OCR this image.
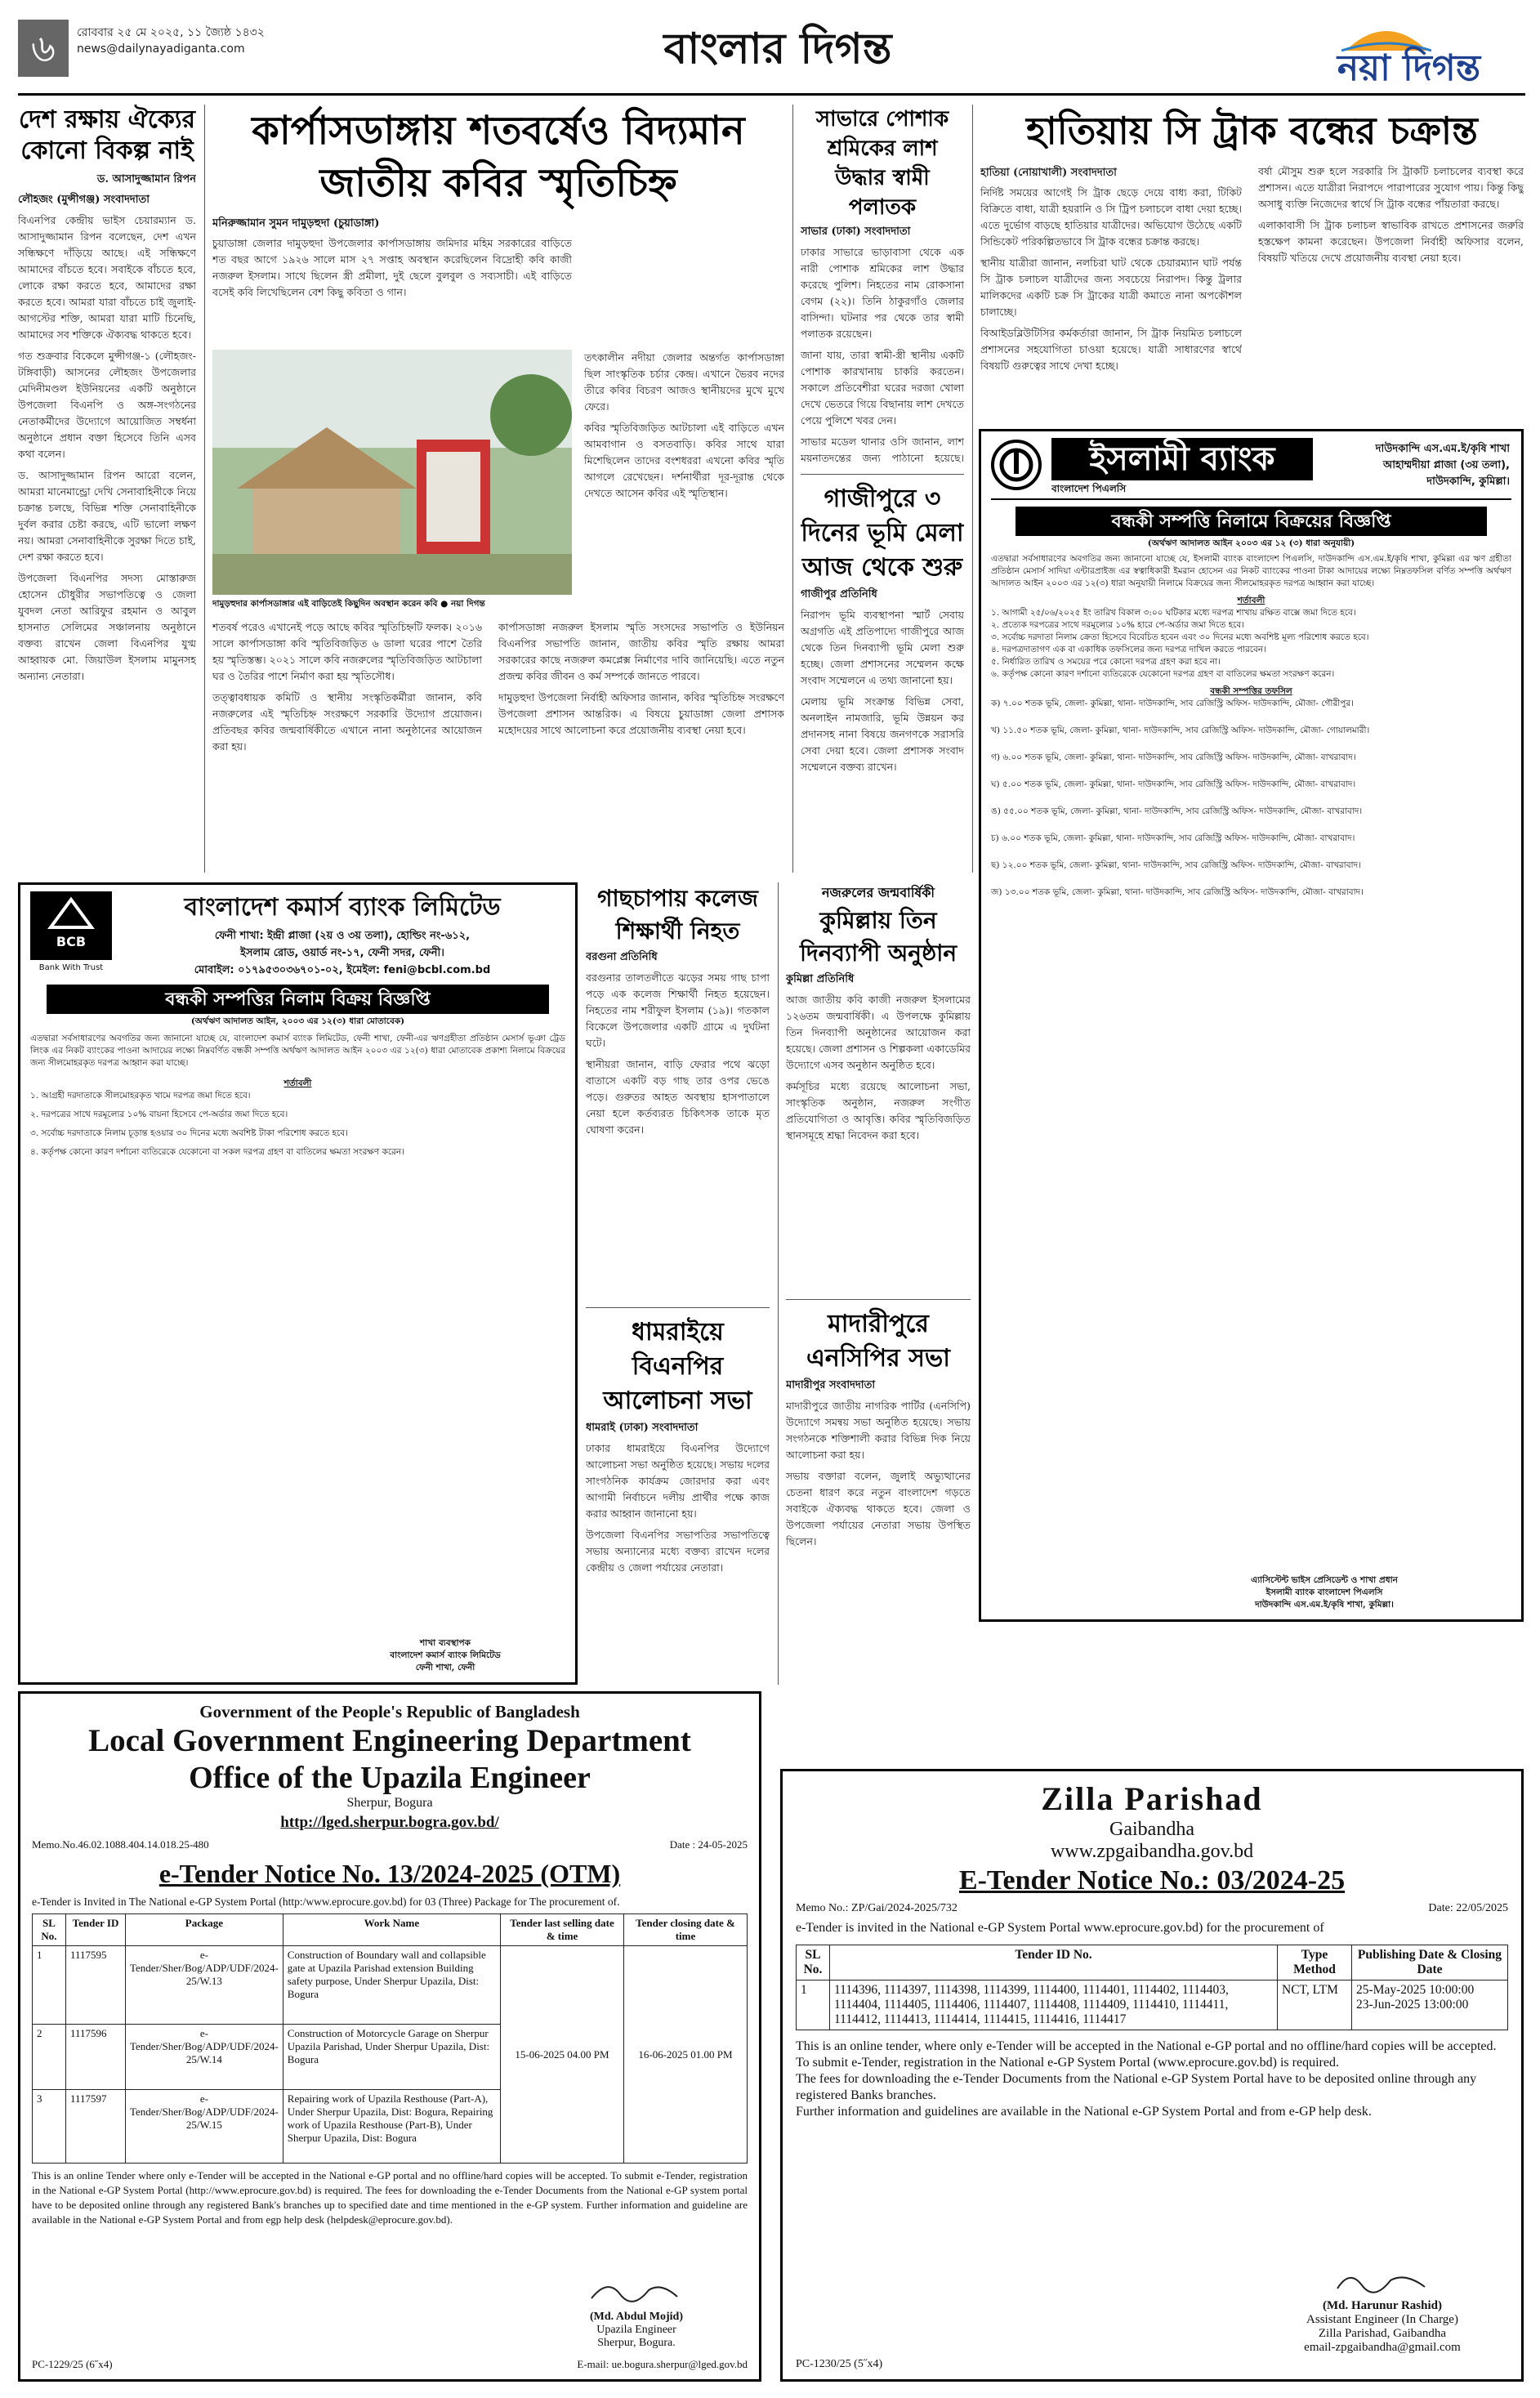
৬	রোববার ২৫ মে ২০২৫, ১১ জ্যৈষ্ঠ ১৪৩২
news@dailynayadiganta.com	বাংলার দিগন্ত	নয়া দিগন্ত
দেশ রক্ষায় ঐক্যের কোনো বিকল্প নাই
ড. আসাদুজ্জামান রিপন
লৌহজং (মুন্সীগঞ্জ) সংবাদদাতা

বিএনপির কেন্দ্রীয় ভাইস চেয়ারম্যান ড. আসাদুজ্জামান রিপন বলেছেন, দেশ এখন সন্ধিক্ষণে দাঁড়িয়ে আছে। এই সন্ধিক্ষণে আমাদের বাঁচতে হবে। সবাইকে বাঁচতে হবে, লোকে রক্ষা করতে হবে, আমাদের রক্ষা করতে হবে। আমরা যারা বাঁচতে চাই জুলাই-আগস্টের শক্তি, আমরা যারা মাটি চিনেছি, আমাদের সব শক্তিকে ঐক্যবদ্ধ থাকতে হবে।

গত শুক্রবার বিকেলে মুন্সীগঞ্জ-১ (লৌহজং-টঙ্গিবাড়ী) আসনের লৌহজং উপজেলার মেদিনীমণ্ডল ইউনিয়নের একটি অনুষ্ঠানে উপজেলা বিএনপি ও অঙ্গ-সংগঠনের নেতাকর্মীদের উদ্যোগে আয়োজিত সম্বর্ধনা অনুষ্ঠানে প্রধান বক্তা হিসেবে তিনি এসব কথা বলেন।

ড. আসাদুজ্জামান রিপন আরো বলেন, আমরা মানেমান্ড্রো দেখি সেনাবাহিনীকে নিয়ে চক্রান্ত চলছে, বিভিন্ন শক্তি সেনাবাহিনীকে দুর্বল করার চেষ্টা করছে, এটি ভালো লক্ষণ নয়। আমরা সেনাবাহিনীকে সুরক্ষা দিতে চাই, দেশ রক্ষা করতে হবে।

উপজেলা বিএনপির সদস্য মোস্তারুজ হোসেন চৌধুরীর সভাপতিত্বে ও জেলা যুবদল নেতা আরিফুর রহমান ও আবুল হাসনাত সেলিমের সঞ্চালনায় অনুষ্ঠানে বক্তব্য রাখেন জেলা বিএনপির যুগ্ম আহ্বায়ক মো. জিয়াউল ইসলাম মামুনসহ অন্যান্য নেতারা।

কার্পাসডাঙ্গায় শতবর্ষেও বিদ্যমান জাতীয় কবির স্মৃতিচিহ্ন
মনিরুজ্জামান সুমন দামুড়হুদা (চুয়াডাঙ্গা)
দামুড়হুদার কার্পাসডাঙ্গার এই বাড়িতেই কিছুদিন অবস্থান করেন কবি ● নয়া দিগন্ত

চুয়াডাঙ্গা জেলার দামুড়হুদা উপজেলার কার্পাসডাঙ্গায় জমিদার মহিম সরকারের বাড়িতে শত বছর আগে ১৯২৬ সালে মাস ২৭ সপ্তাহ অবস্থান করেছিলেন বিদ্রোহী কবি কাজী নজরুল ইসলাম। সাথে ছিলেন স্ত্রী প্রমীলা, দুই ছেলে বুলবুল ও সব্যসাচী। এই বাড়িতে বসেই কবি লিখেছিলেন বেশ কিছু কবিতা ও গান।

শতবর্ষ পরেও এখানেই পড়ে আছে কবির স্মৃতিচিহ্নটি ফলক। ২০১৬ সালে কার্পাসডাঙ্গা কবি স্মৃতিবিজড়িত ৬ ডালা ঘরের পাশে তৈরি হয় স্মৃতিস্তম্ভ। ২০২১ সালে কবি নজরুলের স্মৃতিবিজড়িত আটচালা ঘর ও তৈরির পাশে নির্মাণ করা হয় স্মৃতিসৌধ।

তত্ত্বাবধায়ক কমিটি ও স্থানীয় সংস্কৃতিকর্মীরা জানান, কবি নজরুলের এই স্মৃতিচিহ্ন সংরক্ষণে সরকারি উদ্যোগ প্রয়োজন। প্রতিবছর কবির জন্মবার্ষিকীতে এখানে নানা অনুষ্ঠানের আয়োজন করা হয়।

কার্পাসডাঙ্গা নজরুল ইসলাম স্মৃতি সংসদের সভাপতি ও ইউনিয়ন বিএনপির সভাপতি জানান, জাতীয় কবির স্মৃতি রক্ষায় আমরা সরকারের কাছে নজরুল কমপ্লেক্স নির্মাণের দাবি জানিয়েছি। এতে নতুন প্রজন্ম কবির জীবন ও কর্ম সম্পর্কে জানতে পারবে।

দামুড়হুদা উপজেলা নির্বাহী অফিসার জানান, কবির স্মৃতিচিহ্ন সংরক্ষণে উপজেলা প্রশাসন আন্তরিক। এ বিষয়ে চুয়াডাঙ্গা জেলা প্রশাসক মহোদয়ের সাথে আলোচনা করে প্রয়োজনীয় ব্যবস্থা নেয়া হবে।

তৎকালীন নদীয়া জেলার অন্তর্গত কার্পাসডাঙ্গা ছিল সাংস্কৃতিক চর্চার কেন্দ্র। এখানে ভৈরব নদের তীরে কবির বিচরণ আজও স্থানীয়দের মুখে মুখে ফেরে।

কবির স্মৃতিবিজড়িত আটচালা এই বাড়িতে এখন আমবাগান ও বসতবাড়ি। কবির সাথে যারা মিশেছিলেন তাদের বংশধররা এখনো কবির স্মৃতি আগলে রেখেছেন। দর্শনার্থীরা দূর-দূরান্ত থেকে দেখতে আসেন কবির এই স্মৃতিস্থান।

সাভারে পোশাক শ্রমিকের লাশ উদ্ধার স্বামী পলাতক
সাভার (ঢাকা) সংবাদদাতা

ঢাকার সাভারে ভাড়াবাসা থেকে এক নারী পোশাক শ্রমিকের লাশ উদ্ধার করেছে পুলিশ। নিহতের নাম রোকসানা বেগম (২২)। তিনি ঠাকুরগাঁও জেলার বাসিন্দা। ঘটনার পর থেকে তার স্বামী পলাতক রয়েছেন।

জানা যায়, তারা স্বামী-স্ত্রী স্থানীয় একটি পোশাক কারখানায় চাকরি করতেন। সকালে প্রতিবেশীরা ঘরের দরজা খোলা দেখে ভেতরে গিয়ে বিছানায় লাশ দেখতে পেয়ে পুলিশে খবর দেন।

সাভার মডেল থানার ওসি জানান, লাশ ময়নাতদন্তের জন্য পাঠানো হয়েছে।

গাজীপুরে ৩ দিনের ভূমি মেলা আজ থেকে শুরু
গাজীপুর প্রতিনিধি

নিরাপদ ভূমি ব্যবস্থাপনা স্মার্ট সেবায় অগ্রগতি এই প্রতিপাদ্যে গাজীপুরে আজ থেকে তিন দিনব্যাপী ভূমি মেলা শুরু হচ্ছে। জেলা প্রশাসনের সম্মেলন কক্ষে সংবাদ সম্মেলনে এ তথ্য জানানো হয়।

মেলায় ভূমি সংক্রান্ত বিভিন্ন সেবা, অনলাইন নামজারি, ভূমি উন্নয়ন কর প্রদানসহ নানা বিষয়ে জনগণকে সরাসরি সেবা দেয়া হবে। জেলা প্রশাসক সংবাদ সম্মেলনে বক্তব্য রাখেন।

হাতিয়ায় সি ট্রাক বন্ধের চক্রান্ত
হাতিয়া (নোয়াখালী) সংবাদদাতা

নির্দিষ্ট সময়ের আগেই সি ট্রাক ছেড়ে দেয়ে বাধ্য করা, টিকিট বিক্রিতে বাধা, যাত্রী হয়রানি ও সি ট্রিপ চলাচলে বাধা দেয়া হচ্ছে। এতে দুর্ভোগ বাড়ছে হাতিয়ার যাত্রীদের। অভিযোগ উঠেছে একটি সিন্ডিকেট পরিকল্পিতভাবে সি ট্রাক বন্ধের চক্রান্ত করছে।

স্থানীয় যাত্রীরা জানান, নলচিরা ঘাট থেকে চেয়ারম্যান ঘাট পর্যন্ত সি ট্রাক চলাচল যাত্রীদের জন্য সবচেয়ে নিরাপদ। কিন্তু ট্রলার মালিকদের একটি চক্র সি ট্রাকের যাত্রী কমাতে নানা অপকৌশল চালাচ্ছে।

বিআইডব্লিউটিসির কর্মকর্তারা জানান, সি ট্রাক নিয়মিত চলাচলে প্রশাসনের সহযোগিতা চাওয়া হয়েছে। যাত্রী সাধারণের স্বার্থে বিষয়টি গুরুত্বের সাথে দেখা হচ্ছে।

বর্ষা মৌসুম শুরু হলে সরকারি সি ট্রাকটি চলাচলের ব্যবস্থা করে প্রশাসন। এতে যাত্রীরা নিরাপদে পারাপারের সুযোগ পায়। কিন্তু কিছু অসাধু ব্যক্তি নিজেদের স্বার্থে সি ট্রাক বন্ধের পাঁয়তারা করছে।

এলাকাবাসী সি ট্রাক চলাচল স্বাভাবিক রাখতে প্রশাসনের জরুরি হস্তক্ষেপ কামনা করেছেন। উপজেলা নির্বাহী অফিসার বলেন, বিষয়টি খতিয়ে দেখে প্রয়োজনীয় ব্যবস্থা নেয়া হবে।

ইসলামী ব্যাংক
বাংলাদেশ পিএলসি
দাউদকান্দি এস.এম.ই/কৃষি শাখা
আহাম্মদীয়া প্লাজা (৩য় তলা),
দাউদকান্দি, কুমিল্লা।
বন্ধকী সম্পত্তি নিলামে বিক্রয়ের বিজ্ঞপ্তি
(অর্থঋণ আদালত আইন ২০০৩ এর ১২ (৩) ধারা অনুযায়ী)
এতদ্বারা সর্বসাধারণের অবগতির জন্য জানানো যাচ্ছে যে, ইসলামী ব্যাংক বাংলাদেশ পিএলসি, দাউদকান্দি এস.এম.ই/কৃষি শাখা, কুমিল্লা এর ঋণ গ্রহীতা প্রতিষ্ঠান মেসার্স সাদিয়া এন্টারপ্রাইজ এর স্বত্বাধিকারী ইমরান হোসেন এর নিকট ব্যাংকের পাওনা টাকা আদায়ের লক্ষ্যে নিম্নতফসিল বর্ণিত সম্পত্তি অর্থঋণ আদালত আইন ২০০৩ এর ১২(৩) ধারা অনুযায়ী নিলামে বিক্রয়ের জন্য সীলমোহরকৃত দরপত্র আহ্বান করা যাচ্ছে।
শর্তাবলী
১. আগামী ২৫/০৬/২০২৫ ইং তারিখ বিকাল ৩:০০ ঘটিকার মধ্যে দরপত্র শাখায় রক্ষিত বাক্সে জমা দিতে হবে।
২. প্রত্যেক দরপত্রের সাথে দরমূল্যের ১০% হারে পে-অর্ডার জমা দিতে হবে।
৩. সর্বোচ্চ দরদাতা নিলাম ক্রেতা হিসেবে বিবেচিত হবেন এবং ৩০ দিনের মধ্যে অবশিষ্ট মূল্য পরিশোধ করতে হবে।
৪. দরপত্রদাতাগণ এক বা একাধিক তফসিলের জন্য দরপত্র দাখিল করতে পারবেন।
৫. নির্ধারিত তারিখ ও সময়ের পরে কোনো দরপত্র গ্রহণ করা হবে না।
৬. কর্তৃপক্ষ কোনো কারণ দর্শানো ব্যতিরেকে যেকোনো দরপত্র গ্রহণ বা বাতিলের ক্ষমতা সংরক্ষণ করেন।
বন্ধকী সম্পত্তির তফসিল
ক) ৭.০০ শতক ভূমি, জেলা- কুমিল্লা, থানা- দাউদকান্দি, সাব রেজিস্ট্রি অফিস- দাউদকান্দি, মৌজা- গৌরীপুর।
খ) ১১.৫০ শতক ভূমি, জেলা- কুমিল্লা, থানা- দাউদকান্দি, সাব রেজিস্ট্রি অফিস- দাউদকান্দি, মৌজা- গোয়ালমারী।
গ) ৬.০০ শতক ভূমি, জেলা- কুমিল্লা, থানা- দাউদকান্দি, সাব রেজিস্ট্রি অফিস- দাউদকান্দি, মৌজা- বাখরাবাদ।
ঘ) ৫.০০ শতক ভূমি, জেলা- কুমিল্লা, থানা- দাউদকান্দি, সাব রেজিস্ট্রি অফিস- দাউদকান্দি, মৌজা- বাখরাবাদ।
ঙ) ৫৫.০০ শতক ভূমি, জেলা- কুমিল্লা, থানা- দাউদকান্দি, সাব রেজিস্ট্রি অফিস- দাউদকান্দি, মৌজা- বাখরাবাদ।
চ) ৬.০০ শতক ভূমি, জেলা- কুমিল্লা, থানা- দাউদকান্দি, সাব রেজিস্ট্রি অফিস- দাউদকান্দি, মৌজা- বাখরাবাদ।
ছ) ১২.০০ শতক ভূমি, জেলা- কুমিল্লা, থানা- দাউদকান্দি, সাব রেজিস্ট্রি অফিস- দাউদকান্দি, মৌজা- বাখরাবাদ।
জ) ১৩.০০ শতক ভূমি, জেলা- কুমিল্লা, থানা- দাউদকান্দি, সাব রেজিস্ট্রি অফিস- দাউদকান্দি, মৌজা- বাখরাবাদ।
এ্যাসিস্টেন্ট ভাইস প্রেসিডেন্ট ও শাখা প্রধান
ইসলামী ব্যাংক বাংলাদেশ পিএলসি
দাউদকান্দি এস.এম.ই/কৃষি শাখা, কুমিল্লা।
BCB
Bank With Trust
বাংলাদেশ কমার্স ব্যাংক লিমিটেড
ফেনী শাখা: ইন্দ্রী প্লাজা (২য় ও ৩য় তলা), হোল্ডিং নং-৬১২,
ইসলাম রোড, ওয়ার্ড নং-১৭, ফেনী সদর, ফেনী।
মোবাইল: ০১৭৯৫৩০৩৬৭০১-০২, ইমেইল: feni@bcbl.com.bd
বন্ধকী সম্পত্তির নিলাম বিক্রয় বিজ্ঞপ্তি
(অর্থঋণ আদালত আইন, ২০০৩ এর ১২(৩) ধারা মোতাবেক)
এতদ্বারা সর্বসাধারণের অবগতির জন্য জানানো যাচ্ছে যে, বাংলাদেশ কমার্স ব্যাংক লিমিটেড, ফেনী শাখা, ফেনী-এর ঋণগ্রহীতা প্রতিষ্ঠান মেসার্স ভূঞা ট্রেড লিংক এর নিকট ব্যাংকের পাওনা আদায়ের লক্ষ্যে নিম্নবর্ণিত বন্ধকী সম্পত্তি অর্থঋণ আদালত আইন ২০০৩ এর ১২(৩) ধারা মোতাবেক প্রকাশ্য নিলামে বিক্রয়ের জন্য সীলমোহরকৃত দরপত্র আহ্বান করা যাচ্ছে।
শর্তাবলী
১. আগ্রহী দরদাতাকে সীলমোহরকৃত খামে দরপত্র জমা দিতে হবে।
২. দরপত্রের সাথে দরমূল্যের ১০% বায়না হিসেবে পে-অর্ডার জমা দিতে হবে।
৩. সর্বোচ্চ দরদাতাকে নিলাম চূড়ান্ত হওয়ার ৩০ দিনের মধ্যে অবশিষ্ট টাকা পরিশোধ করতে হবে।
৪. কর্তৃপক্ষ কোনো কারণ দর্শানো ব্যতিরেকে যেকোনো বা সকল দরপত্র গ্রহণ বা বাতিলের ক্ষমতা সংরক্ষণ করেন।
শাখা ব্যবস্থাপক
বাংলাদেশ কমার্স ব্যাংক লিমিটেড
ফেনী শাখা, ফেনী
গাছচাপায় কলেজ শিক্ষার্থী নিহত
বরগুনা প্রতিনিধি

বরগুনার তালতলীতে ঝড়ের সময় গাছ চাপা পড়ে এক কলেজ শিক্ষার্থী নিহত হয়েছেন। নিহতের নাম শরীফুল ইসলাম (১৯)। গতকাল বিকেলে উপজেলার একটি গ্রামে এ দুর্ঘটনা ঘটে।

স্থানীয়রা জানান, বাড়ি ফেরার পথে ঝড়ো বাতাসে একটি বড় গাছ তার ওপর ভেঙে পড়ে। গুরুতর আহত অবস্থায় হাসপাতালে নেয়া হলে কর্তব্যরত চিকিৎসক তাকে মৃত ঘোষণা করেন।

ধামরাইয়ে বিএনপির আলোচনা সভা
ধামরাই (ঢাকা) সংবাদদাতা

ঢাকার ধামরাইয়ে বিএনপির উদ্যোগে আলোচনা সভা অনুষ্ঠিত হয়েছে। সভায় দলের সাংগঠনিক কার্যক্রম জোরদার করা এবং আগামী নির্বাচনে দলীয় প্রার্থীর পক্ষে কাজ করার আহ্বান জানানো হয়।

উপজেলা বিএনপির সভাপতির সভাপতিত্বে সভায় অন্যান্যের মধ্যে বক্তব্য রাখেন দলের কেন্দ্রীয় ও জেলা পর্যায়ের নেতারা।

নজরুলের জন্মবার্ষিকী
কুমিল্লায় তিন দিনব্যাপী অনুষ্ঠান
কুমিল্লা প্রতিনিধি

আজ জাতীয় কবি কাজী নজরুল ইসলামের ১২৬তম জন্মবার্ষিকী। এ উপলক্ষে কুমিল্লায় তিন দিনব্যাপী অনুষ্ঠানের আয়োজন করা হয়েছে। জেলা প্রশাসন ও শিল্পকলা একাডেমির উদ্যোগে এসব অনুষ্ঠান অনুষ্ঠিত হবে।

কর্মসূচির মধ্যে রয়েছে আলোচনা সভা, সাংস্কৃতিক অনুষ্ঠান, নজরুল সংগীত প্রতিযোগিতা ও আবৃত্তি। কবির স্মৃতিবিজড়িত স্থানসমূহে শ্রদ্ধা নিবেদন করা হবে।

মাদারীপুরে এনসিপির সভা
মাদারীপুর সংবাদদাতা

মাদারীপুরে জাতীয় নাগরিক পার্টির (এনসিপি) উদ্যোগে সমন্বয় সভা অনুষ্ঠিত হয়েছে। সভায় সংগঠনকে শক্তিশালী করার বিভিন্ন দিক নিয়ে আলোচনা করা হয়।

সভায় বক্তারা বলেন, জুলাই অভ্যুত্থানের চেতনা ধারণ করে নতুন বাংলাদেশ গড়তে সবাইকে ঐক্যবদ্ধ থাকতে হবে। জেলা ও উপজেলা পর্যায়ের নেতারা সভায় উপস্থিত ছিলেন।

Government of the People's Republic of Bangladesh
Local Government Engineering Department
Office of the Upazila Engineer
Sherpur, Bogura
http://lged.sherpur.bogra.gov.bd/
Memo.No.46.02.1088.404.14.018.25-480	Date : 24-05-2025
e-Tender Notice No. 13/2024-2025 (OTM)
e-Tender is Invited in The National e-GP System Portal (http:/www.eprocure.gov.bd) for 03 (Three) Package for The procurement of.
SL No.	Tender ID	Package	Work Name	Tender last selling date & time	Tender closing date & time
1	1117595	e-Tender/Sher/Bog/ADP/UDF/2024-25/W.13	Construction of Boundary wall and collapsible gate at Upazila Parishad extension Building safety purpose, Under Sherpur Upazila, Dist: Bogura	15-06-2025 04.00 PM	16-06-2025 01.00 PM
2	1117596	e-Tender/Sher/Bog/ADP/UDF/2024-25/W.14	Construction of Motorcycle Garage on Sherpur Upazila Parishad, Under Sherpur Upazila, Dist: Bogura		
3	1117597	e-Tender/Sher/Bog/ADP/UDF/2024-25/W.15	Repairing work of Upazila Resthouse (Part-A), Under Sherpur Upazila, Dist: Bogura, Repairing work of Upazila Resthouse (Part-B), Under Sherpur Upazila, Dist: Bogura		
This is an online Tender where only e-Tender will be accepted in the National e-GP portal and no offline/hard copies will be accepted. To submit e-Tender, registration in the National e-GP System Portal (http://www.eprocure.gov.bd) is required. The fees for downloading the e-Tender Documents from the National e-GP system portal have to be deposited online through any registered Bank's branches up to specified date and time mentioned in the e-GP system. Further information and guideline are available in the National e-GP System Portal and from egp help desk (helpdesk@eprocure.gov.bd).
(Md. Abdul Mojid)
Upazila Engineer
Sherpur, Bogura.
PC-1229/25 (6˝x4)	E-mail: ue.bogura.sherpur@lged.gov.bd
Zilla Parishad
Gaibandha
www.zpgaibandha.gov.bd
E-Tender Notice No.: 03/2024-25
Memo No.: ZP/Gai/2024-2025/732	Date: 22/05/2025
e-Tender is invited in the National e-GP System Portal www.eprocure.gov.bd) for the procurement of
SL No.	Tender ID No.	Type Method	Publishing Date & Closing Date
1	1114396, 1114397, 1114398, 1114399, 1114400, 1114401, 1114402, 1114403, 1114404, 1114405, 1114406, 1114407, 1114408, 1114409, 1114410, 1114411, 1114412, 1114413, 1114414, 1114415, 1114416, 1114417	NCT, LTM	25-May-2025 10:00:00
23-Jun-2025 13:00:00
This is an online tender, where only e-Tender will be accepted in the National e-GP portal and no offline/hard copies will be accepted.
To submit e-Tender, registration in the National e-GP System Portal (www.eprocure.gov.bd) is required.
The fees for downloading the e-Tender Documents from the National e-GP System Portal have to be deposited online through any registered Banks branches.
Further information and guidelines are available in the National e-GP System Portal and from e-GP help desk.
(Md. Harunur Rashid)
Assistant Engineer (In Charge)
Zilla Parishad, Gaibandha
email-zpgaibandha@gmail.com
PC-1230/25 (5˝x4)
